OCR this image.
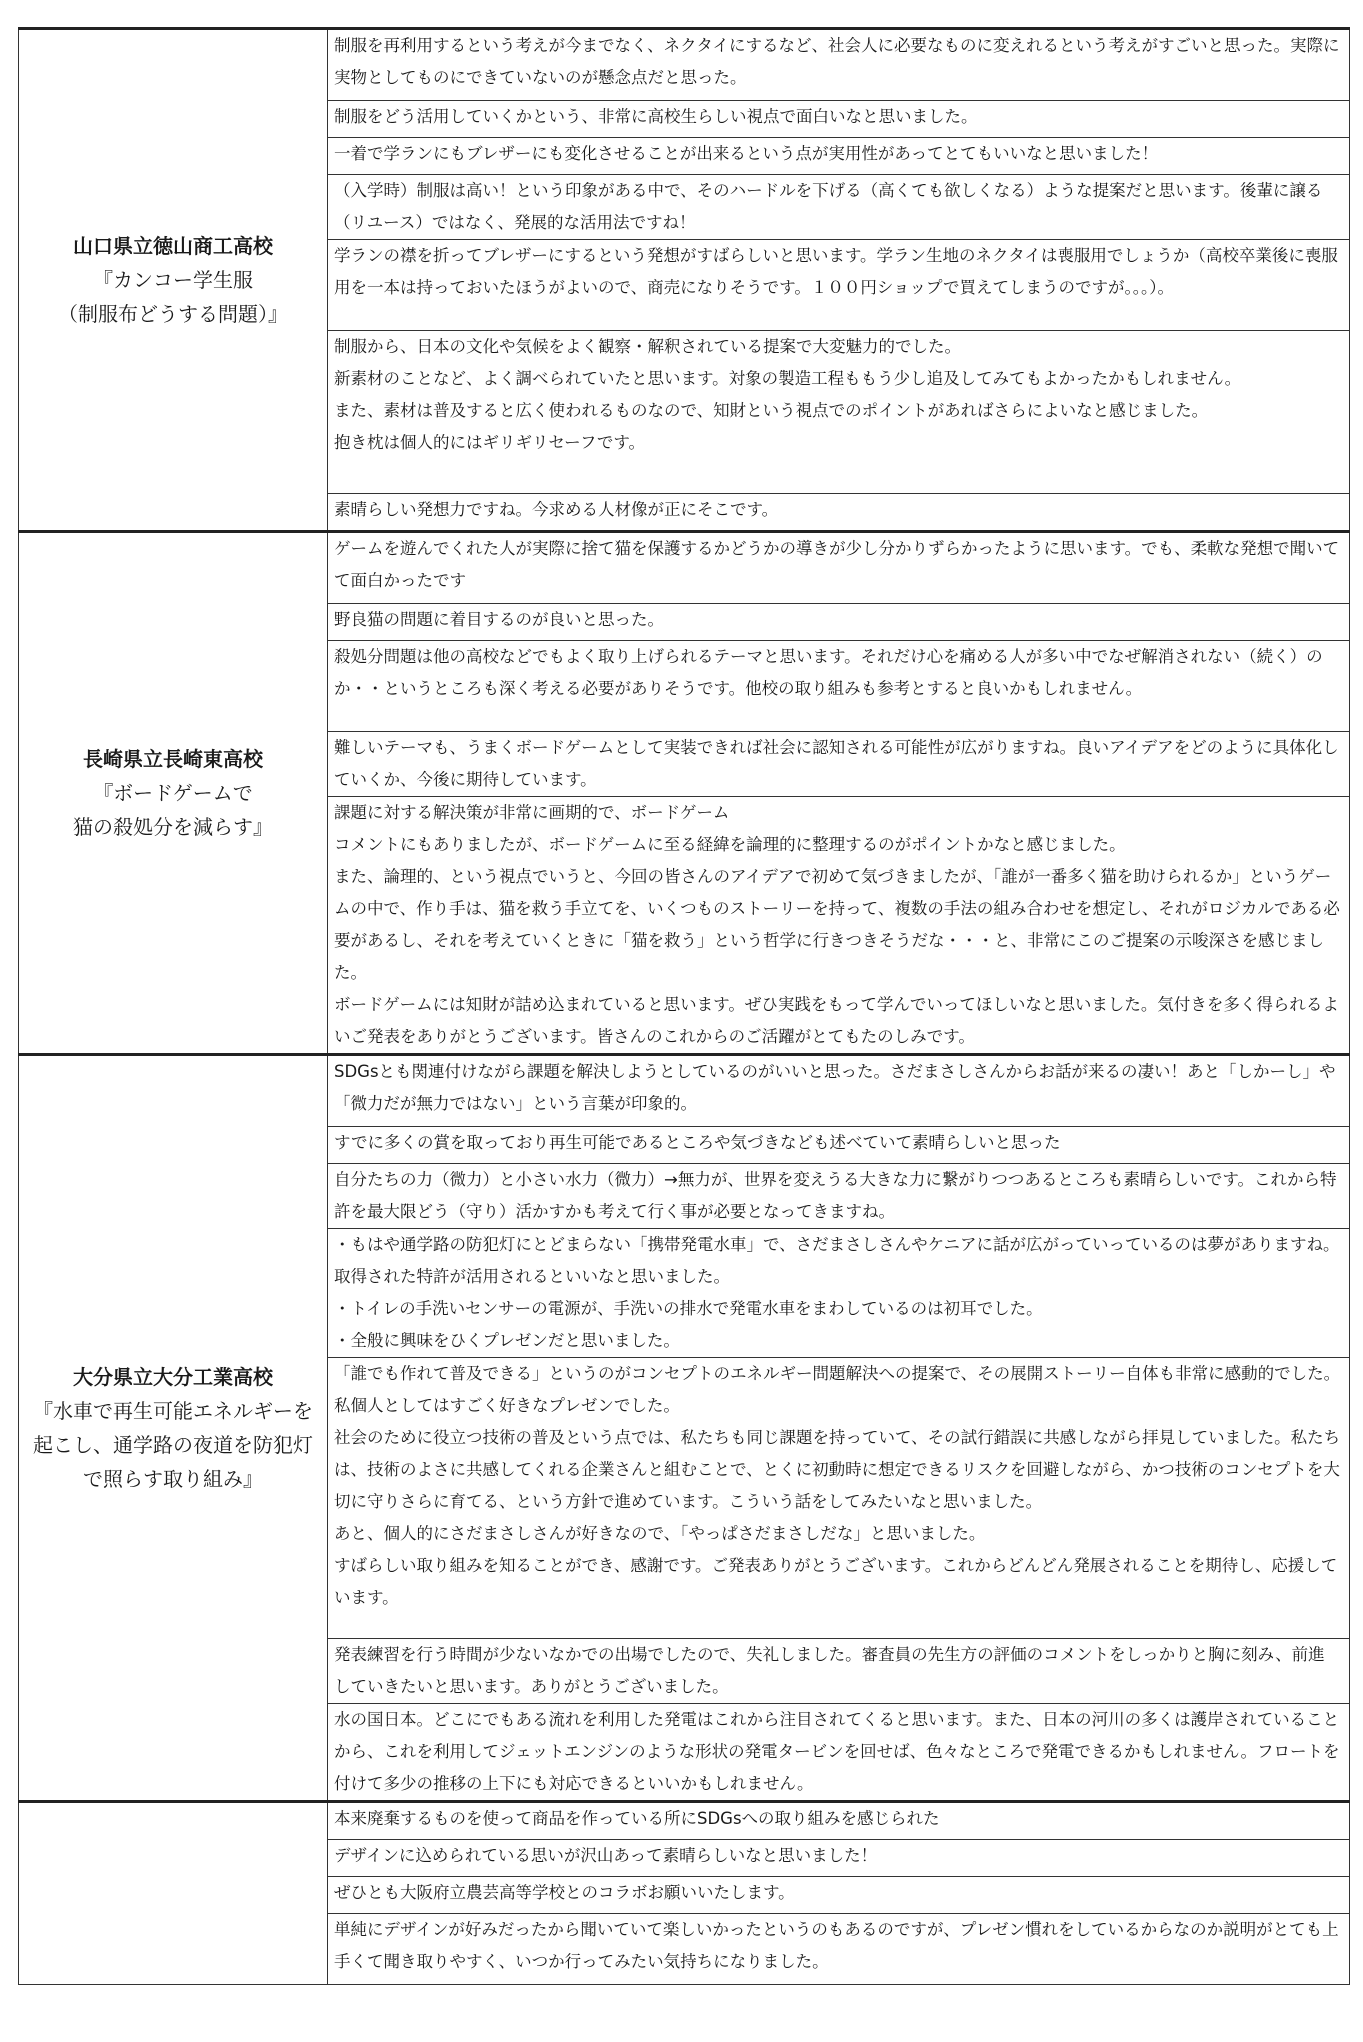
山口県立徳山商工高校
『カンコー学生服
（制服布どうする問題）』	制服を再利用するという考えが今までなく、ネクタイにするなど、社会人に必要なものに変えれるという考えがすごいと思った。実際に実物としてものにできていないのが懸念点だと思った。
	制服をどう活用していくかという、非常に高校生らしい視点で面白いなと思いました。
	一着で学ランにもブレザーにも変化させることが出来るという点が実用性があってとてもいいなと思いました！
	（入学時）制服は高い！という印象がある中で、そのハードルを下げる（高くても欲しくなる）ような提案だと思います。後輩に譲る（リユース）ではなく、発展的な活用法ですね！
	学ランの襟を折ってブレザーにするという発想がすばらしいと思います。学ラン生地のネクタイは喪服用でしょうか（高校卒業後に喪服用を一本は持っておいたほうがよいので、商売になりそうです。１００円ショップで買えてしまうのですが。。。）。
	制服から、日本の文化や気候をよく観察・解釈されている提案で大変魅力的でした。
新素材のことなど、よく調べられていたと思います。対象の製造工程ももう少し追及してみてもよかったかもしれません。
また、素材は普及すると広く使われるものなので、知財という視点でのポイントがあればさらによいなと感じました。
抱き枕は個人的にはギリギリセーフです。
	素晴らしい発想力ですね。今求める人材像が正にそこです。

長崎県立長崎東高校
『ボードゲームで
猫の殺処分を減らす』	ゲームを遊んでくれた人が実際に捨て猫を保護するかどうかの導きが少し分かりずらかったように思います。でも、柔軟な発想で聞いてて面白かったです
	野良猫の問題に着目するのが良いと思った。
	殺処分問題は他の高校などでもよく取り上げられるテーマと思います。それだけ心を痛める人が多い中でなぜ解消されない（続く）のか・・というところも深く考える必要がありそうです。他校の取り組みも参考とすると良いかもしれません。
	難しいテーマも、うまくボードゲームとして実装できれば社会に認知される可能性が広がりますね。良いアイデアをどのように具体化していくか、今後に期待しています。
	課題に対する解決策が非常に画期的で、ボードゲーム
コメントにもありましたが、ボードゲームに至る経緯を論理的に整理するのがポイントかなと感じました。
また、論理的、という視点でいうと、今回の皆さんのアイデアで初めて気づきましたが、「誰が一番多く猫を助けられるか」というゲームの中で、作り手は、猫を救う手立てを、いくつものストーリーを持って、複数の手法の組み合わせを想定し、それがロジカルである必要があるし、それを考えていくときに「猫を救う」という哲学に行きつきそうだな・・・と、非常にこのご提案の示唆深さを感じました。
ボードゲームには知財が詰め込まれていると思います。ぜひ実践をもって学んでいってほしいなと思いました。気付きを多く得られるよいご発表をありがとうございます。皆さんのこれからのご活躍がとてもたのしみです。

大分県立大分工業高校
『水車で再生可能エネルギーを起こし、通学路の夜道を防犯灯で照らす取り組み』	SDGsとも関連付けながら課題を解決しようとしているのがいいと思った。さだまさしさんからお話が来るの凄い！あと「しかーし」や「微力だが無力ではない」という言葉が印象的。
	すでに多くの賞を取っており再生可能であるところや気づきなども述べていて素晴らしいと思った
	自分たちの力（微力）と小さい水力（微力）→無力が、世界を変えうる大きな力に繋がりつつあるところも素晴らしいです。これから特許を最大限どう（守り）活かすかも考えて行く事が必要となってきますね。
	・もはや通学路の防犯灯にとどまらない「携帯発電水車」で、さだまさしさんやケニアに話が広がっていっているのは夢がありますね。取得された特許が活用されるといいなと思いました。
・トイレの手洗いセンサーの電源が、手洗いの排水で発電水車をまわしているのは初耳でした。
・全般に興味をひくプレゼンだと思いました。
	「誰でも作れて普及できる」というのがコンセプトのエネルギー問題解決への提案で、その展開ストーリー自体も非常に感動的でした。私個人としてはすごく好きなプレゼンでした。
社会のために役立つ技術の普及という点では、私たちも同じ課題を持っていて、その試行錯誤に共感しながら拝見していました。私たちは、技術のよさに共感してくれる企業さんと組むことで、とくに初動時に想定できるリスクを回避しながら、かつ技術のコンセプトを大切に守りさらに育てる、という方針で進めています。こういう話をしてみたいなと思いました。
あと、個人的にさだまさしさんが好きなので、「やっぱさだまさしだな」と思いました。
すばらしい取り組みを知ることができ、感謝です。ご発表ありがとうございます。これからどんどん発展されることを期待し、応援しています。
	発表練習を行う時間が少ないなかでの出場でしたので、失礼しました。審査員の先生方の評価のコメントをしっかりと胸に刻み、前進していきたいと思います。ありがとうございました。
	水の国日本。どこにでもある流れを利用した発電はこれから注目されてくると思います。また、日本の河川の多くは護岸されていることから、これを利用してジェットエンジンのような形状の発電タービンを回せば、色々なところで発電できるかもしれません。フロートを付けて多少の推移の上下にも対応できるといいかもしれません。

	本来廃棄するものを使って商品を作っている所にSDGsへの取り組みを感じられた
	デザインに込められている思いが沢山あって素晴らしいなと思いました！
	ぜひとも大阪府立農芸高等学校とのコラボお願いいたします。
	単純にデザインが好みだったから聞いていて楽しいかったというのもあるのですが、プレゼン慣れをしているからなのか説明がとても上手くて聞き取りやすく、いつか行ってみたい気持ちになりました。
